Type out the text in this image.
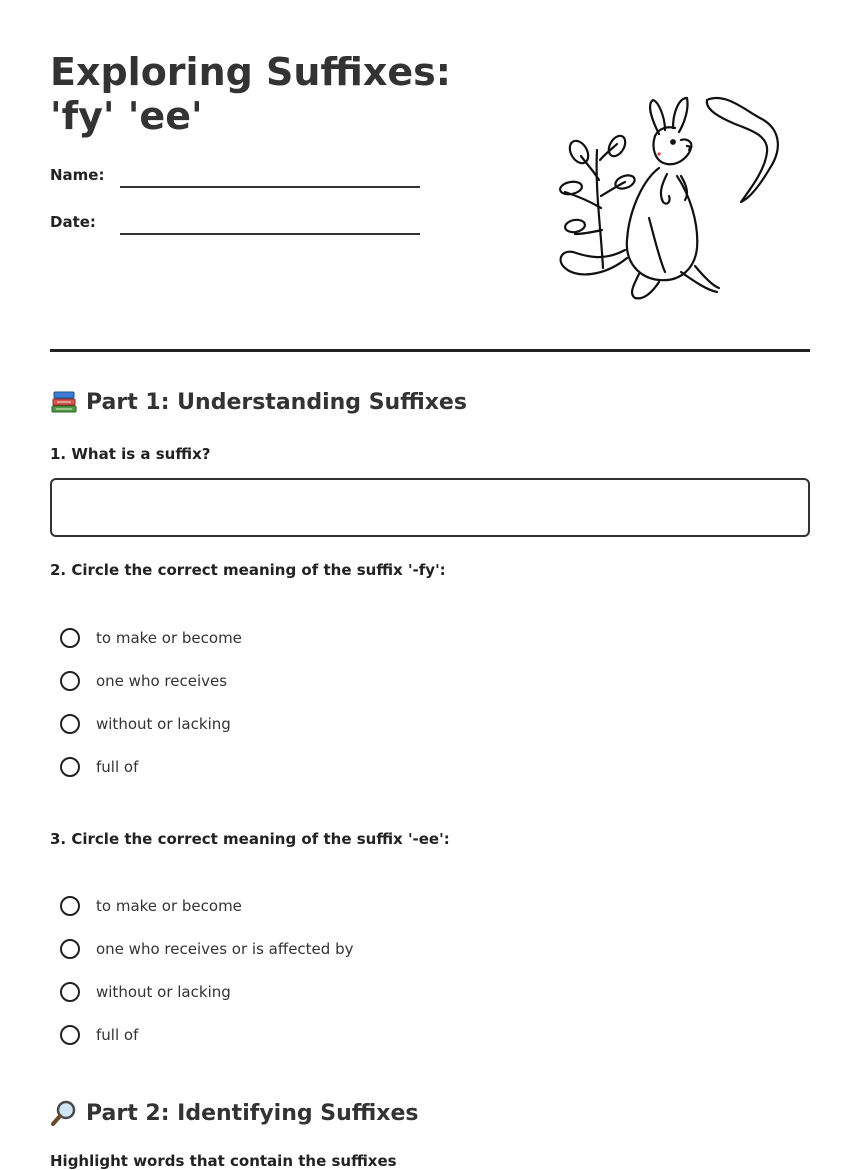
Exploring Suffixes: 'fy' 'ee'
Name:
Date:
Part 1: Understanding Suffixes
1. What is a suffix?
2. Circle the correct meaning of the suffix '-fy':
to make or become
one who receives
without or lacking
full of
3. Circle the correct meaning of the suffix '-ee':
to make or become
one who receives or is affected by
without or lacking
full of
Part 2: Identifying Suffixes
Highlight words that contain the suffixes
